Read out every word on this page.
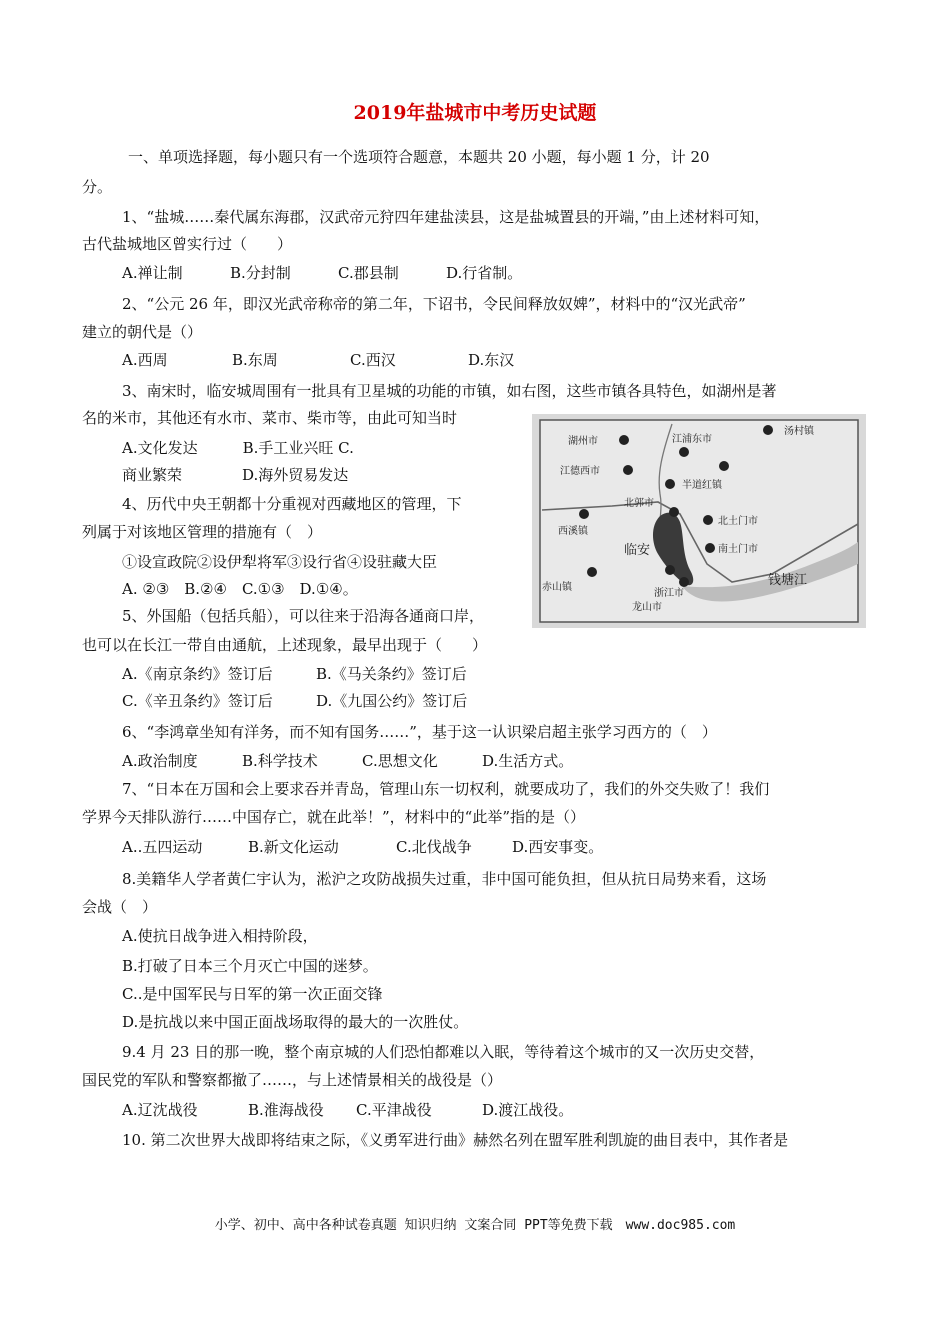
2019年盐城市中考历史试题
一、单项选择题，每小题只有一个选项符合题意，本题共 20 小题，每小题 1 分，计 20
分。
1、“盐城……秦代属东海郡，汉武帝元狩四年建盐渎县，这是盐城置县的开端，”由上述材料可知，
古代盐城地区曾实行过（　　）
A.禅让制	B.分封制	C.郡县制	D.行省制。
2、“公元 26 年，即汉光武帝称帝的第二年，下诏书，令民间释放奴婢”，材料中的“汉光武帝”
建立的朝代是（）
A.西周	B.东周	C.西汉	D.东汉
3、南宋时，临安城周围有一批具有卫星城的功能的市镇，如右图，这些市镇各具特色，如湖州是著
名的米市，其他还有水市、菜市、柴市等，由此可知当时
A.文化发达　　　B.手工业兴旺 C.
商业繁荣　　　　D.海外贸易发达
湖州市	江浦东市
汤村镇
江德西市
半道红镇
北郭市
西溪镇
北土门市
临安	南土门市
钱塘江
赤山镇
浙江市
龙山市
4、历代中央王朝都十分重视对西藏地区的管理，下
列属于对该地区管理的措施有（　）
①设宣政院②设伊犁将军③设行省④设驻藏大臣
A. ②③　B.②④　C.①③　D.①④。
5、外国船（包括兵船），可以往来于沿海各通商口岸，
也可以在长江一带自由通航，上述现象，最早出现于（　　）
A.《南京条约》签订后	B.《马关条约》签订后
C.《辛丑条约》签订后	D.《九国公约》签订后
6、“李鸿章坐知有洋务，而不知有国务……”，基于这一认识梁启超主张学习西方的（　）
A.政治制度	B.科学技术	C.思想文化	D.生活方式。
7、“日本在万国和会上要求吞并青岛，管理山东一切权利，就要成功了，我们的外交失败了！我们
学界今天排队游行……中国存亡，就在此举！”，材料中的“此举”指的是（）
A..五四运动	B.新文化运动	C.北伐战争	D.西安事变。
8.美籍华人学者黄仁宇认为，淞沪之攻防战损失过重，非中国可能负担，但从抗日局势来看，这场
会战（　）
A.使抗日战争进入相持阶段，
B.打破了日本三个月灭亡中国的迷梦。
C..是中国军民与日军的第一次正面交锋
D.是抗战以来中国正面战场取得的最大的一次胜仗。
9.4 月 23 日的那一晚，整个南京城的人们恐怕都难以入眠，等待着这个城市的又一次历史交替，
国民党的军队和警察都撤了……，与上述情景相关的战役是（）
A.辽沈战役	B.淮海战役 C.平津战役	D.渡江战役。
10. 第二次世界大战即将结束之际，《义勇军进行曲》赫然名列在盟军胜利凯旋的曲目表中，其作者是
小学、初中、高中各种试卷真题 知识归纳 文案合同 PPT等免费下载　www.doc985.com
